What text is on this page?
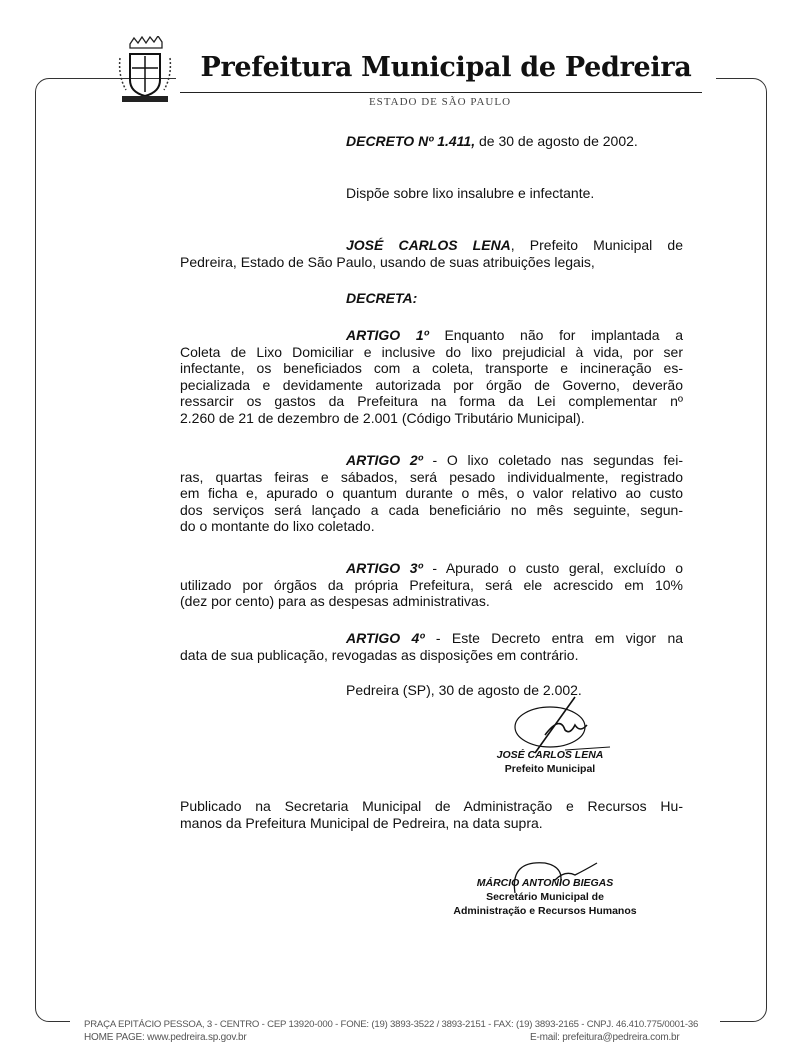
Prefeitura Municipal de Pedreira
ESTADO DE SÃO PAULO
DECRETO Nº 1.411, de 30 de agosto de 2002.
Dispõe sobre lixo insalubre e infectante.
JOSÉ CARLOS LENA, Prefeito Municipal de
Pedreira, Estado de São Paulo, usando de suas atribuições legais,
DECRETA:
ARTIGO 1º Enquanto não for implantada a
Coleta de Lixo Domiciliar e inclusive do lixo prejudicial à vida, por ser
infectante, os beneficiados com a coleta, transporte e incineração es-
pecializada e devidamente autorizada por órgão de Governo, deverão
ressarcir os gastos da Prefeitura na forma da Lei complementar nº
2.260 de 21 de dezembro de 2.001 (Código Tributário Municipal).
ARTIGO 2º - O lixo coletado nas segundas fei-
ras, quartas feiras e sábados, será pesado individualmente, registrado
em ficha e, apurado o quantum durante o mês, o valor relativo ao custo
dos serviços será lançado a cada beneficiário no mês seguinte, segun-
do o montante do lixo coletado.
ARTIGO 3º - Apurado o custo geral, excluído o
utilizado por órgãos da própria Prefeitura, será ele acrescido em 10%
(dez por cento) para as despesas administrativas.
ARTIGO 4º - Este Decreto entra em vigor na
data de sua publicação, revogadas as disposições em contrário.
Pedreira (SP), 30 de agosto de 2.002.
JOSÉ CARLOS LENA
Prefeito Municipal
Publicado na Secretaria Municipal de Administração e Recursos Hu-
manos da Prefeitura Municipal de Pedreira, na data supra.
MÁRCIO ANTONIO BIEGAS
Secretário Municipal de
Administração e Recursos Humanos
PRAÇA EPITÁCIO PESSOA, 3 - CENTRO - CEP 13920-000 - FONE: (19) 3893-3522 / 3893-2151 - FAX: (19) 3893-2165 - CNPJ. 46.410.775/0001-36
HOME PAGE: www.pedreira.sp.gov.br	E-mail: prefeitura@pedreira.com.br
